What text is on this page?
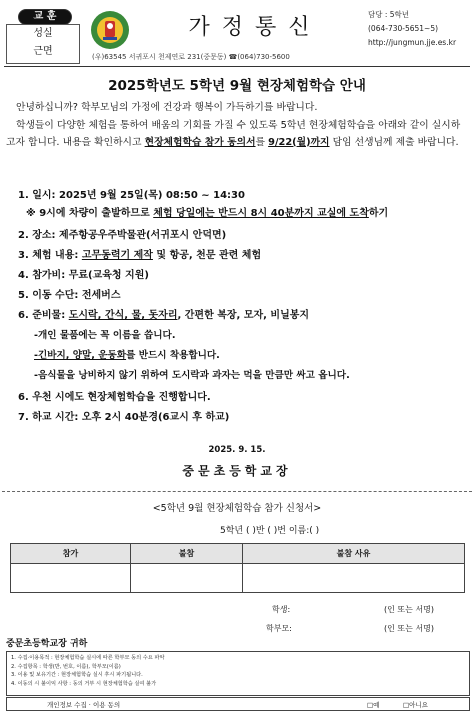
교 훈
성실
근면
가정통신
(우)63545 서귀포시 천제연로 231(중문동) ☎(064)730-5600
담당 : 5학년
(064-730-5651~5)
http://jungmun.jje.es.kr
2025학년도 5학년 9월 현장체험학습 안내
안녕하십니까? 학부모님의 가정에 건강과 행복이 가득하기를 바랍니다.
학생들이 다양한 체험을 통하여 배움의 기회를 가질 수 있도록 5학년 현장체험학습을 아래와 같이 실시하고자 합니다. 내용을 확인하시고 현장체험학습 참가 동의서를 9/22(월)까지 담임 선생님께 제출 바랍니다.
1. 일시: 2025년 9월 25일(목) 08:50 ~ 14:30
※ 9시에 차량이 출발하므로 체험 당일에는 반드시 8시 40분까지 교실에 도착하기
2. 장소: 제주항공우주박물관(서귀포시 안덕면)
3. 체험 내용: 고무동력기 제작 및 항공, 천문 관련 체험
4. 참가비: 무료(교육청 지원)
5. 이동 수단: 전세버스
6. 준비물: 도시락, 간식, 물, 돗자리, 간편한 복장, 모자, 비닐봉지
-개인 물품에는 꼭 이름을 씁니다.
-긴바지, 양말, 운동화를 반드시 착용합니다.
-음식물을 낭비하지 않기 위하여 도시락과 과자는 먹을 만큼만 싸고 옵니다.
6. 우천 시에도 현장체험학습을 진행합니다.
7. 하교 시간: 오후 2시 40분경(6교시 후 하교)
2025. 9. 15.
중문초등학교장
<5학년 9월 현장체험학습 참가 신청서>
5학년 ( )반 ( )번 이름:( )
참가	불참	불참 사유

학생:	(인 또는 서명)
학부모:	(인 또는 서명)
중문초등학교장 귀하
1. 수집·이용목적 : 현장체험학습 실시에 따른 학부모 동의 수요 파악
2. 수집항목 : 학생(반, 번호, 이름), 학부모(이름)
3. 이용 및 보유기간 : 현장체험학습 실시 후시 파기됩니다.
4. 이동의 시 불이익 사항 : 동의 거부 시 현장체험학습 실여 불가
개인정보 수집 · 이용 동의	□예	□아니요
